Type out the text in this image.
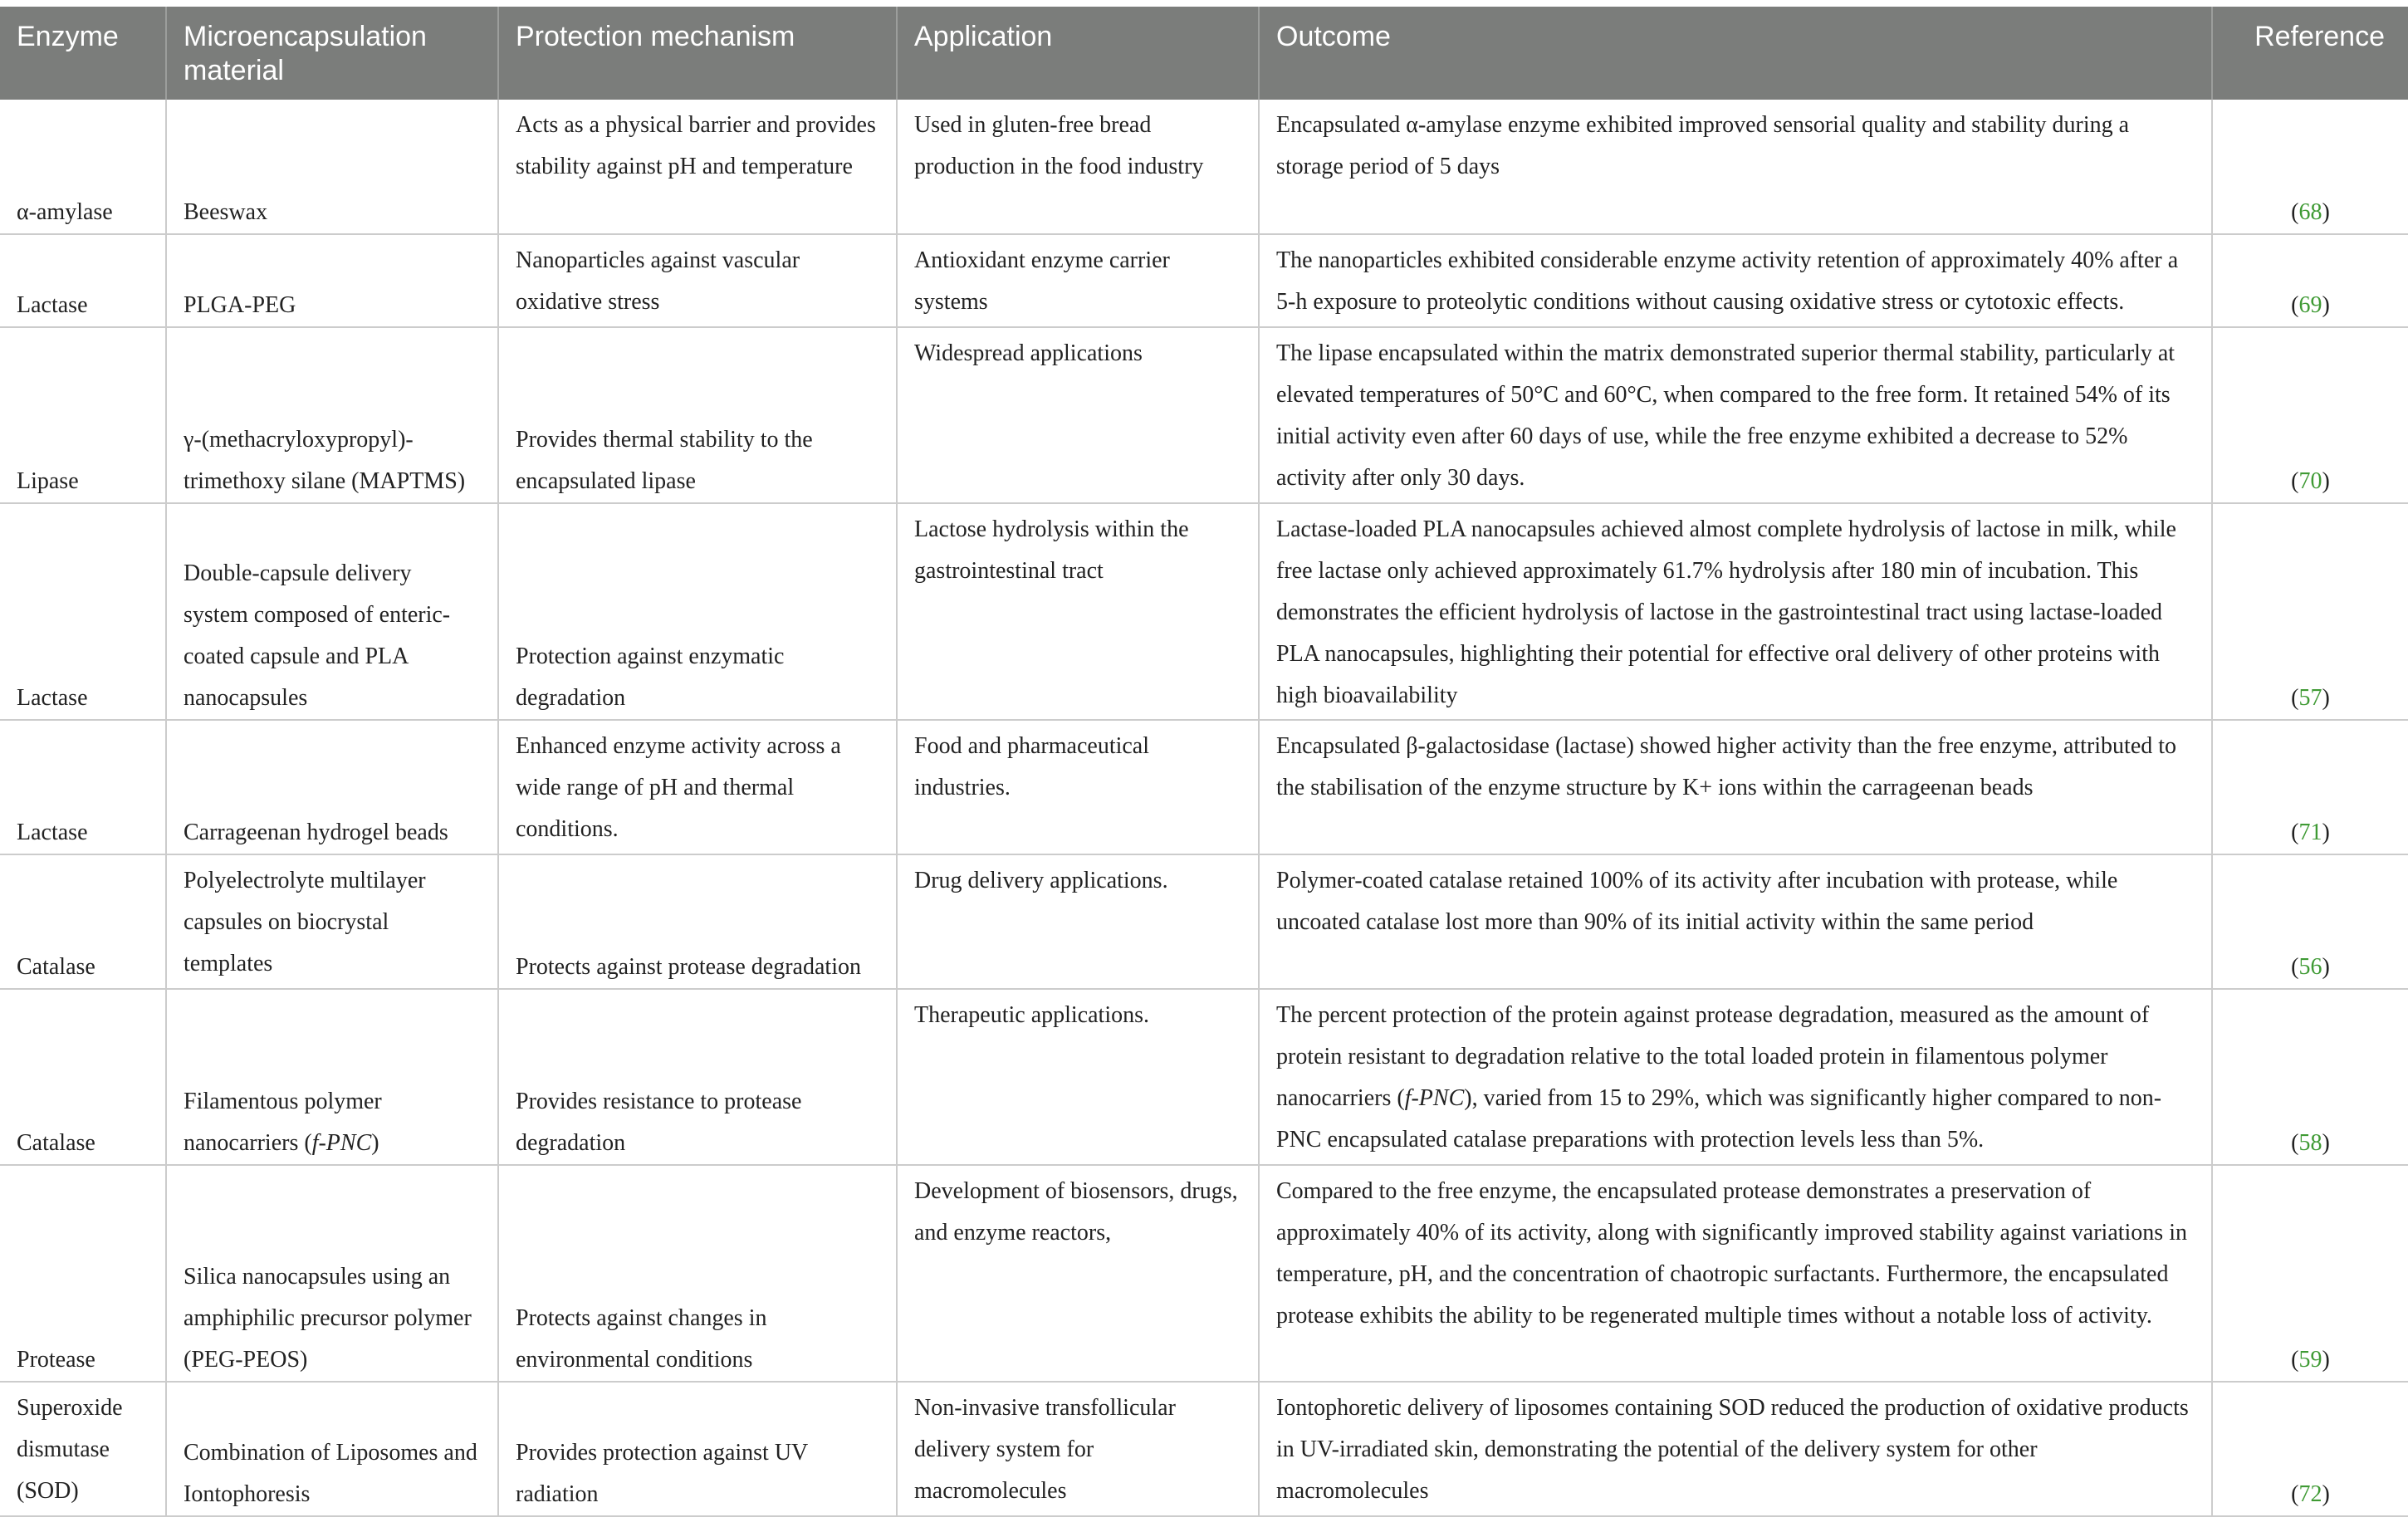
Enzyme	Microencapsulation material	Protection mechanism	Application	Outcome	Reference
α-amylase	Beeswax	Acts as a physical barrier and provides stability against pH and temperature	Used in gluten-free bread production in the food industry	Encapsulated α-amylase enzyme exhibited improved sensorial quality and stability during a storage period of 5 days	(68)
Lactase	PLGA-PEG	Nanoparticles against vascular oxidative stress	Antioxidant enzyme carrier systems	The nanoparticles exhibited considerable enzyme activity retention of approximately 40% after a 5-h exposure to proteolytic conditions without causing oxidative stress or cytotoxic effects.	(69)
Lipase	γ-(methacryloxypropyl)-trimethoxy silane (MAPTMS)	Provides thermal stability to the encapsulated lipase	Widespread applications	The lipase encapsulated within the matrix demonstrated superior thermal stability, particularly at elevated temperatures of 50°C and 60°C, when compared to the free form. It retained 54% of its initial activity even after 60 days of use, while the free enzyme exhibited a decrease to 52% activity after only 30 days.	(70)
Lactase	Double-capsule delivery system composed of enteric-coated capsule and PLA nanocapsules	Protection against enzymatic degradation	Lactose hydrolysis within the gastrointestinal tract	Lactase-loaded PLA nanocapsules achieved almost complete hydrolysis of lactose in milk, while free lactase only achieved approximately 61.7% hydrolysis after 180 min of incubation. This demonstrates the efficient hydrolysis of lactose in the gastrointestinal tract using lactase-loaded PLA nanocapsules, highlighting their potential for effective oral delivery of other proteins with high bioavailability	(57)
Lactase	Carrageenan hydrogel beads	Enhanced enzyme activity across a wide range of pH and thermal conditions.	Food and pharmaceutical industries.	Encapsulated β-galactosidase (lactase) showed higher activity than the free enzyme, attributed to the stabilisation of the enzyme structure by K+ ions within the carrageenan beads	(71)
Catalase	Polyelectrolyte multilayer capsules on biocrystal templates	Protects against protease degradation	Drug delivery applications.	Polymer-coated catalase retained 100% of its activity after incubation with protease, while uncoated catalase lost more than 90% of its initial activity within the same period	(56)
Catalase	Filamentous polymer nanocarriers (f-PNC)	Provides resistance to protease degradation	Therapeutic applications.	The percent protection of the protein against protease degradation, measured as the amount of protein resistant to degradation relative to the total loaded protein in filamentous polymer nanocarriers (f-PNC), varied from 15 to 29%, which was significantly higher compared to non-PNC encapsulated catalase preparations with protection levels less than 5%.	(58)
Protease	Silica nanocapsules using an amphiphilic precursor polymer (PEG-PEOS)	Protects against changes in environmental conditions	Development of biosensors, drugs, and enzyme reactors,	Compared to the free enzyme, the encapsulated protease demonstrates a preservation of approximately 40% of its activity, along with significantly improved stability against variations in temperature, pH, and the concentration of chaotropic surfactants. Furthermore, the encapsulated protease exhibits the ability to be regenerated multiple times without a notable loss of activity.	(59)
Superoxide dismutase (SOD)	Combination of Liposomes and Iontophoresis	Provides protection against UV radiation	Non-invasive transfollicular delivery system for macromolecules	Iontophoretic delivery of liposomes containing SOD reduced the production of oxidative products in UV-irradiated skin, demonstrating the potential of the delivery system for other macromolecules	(72)
